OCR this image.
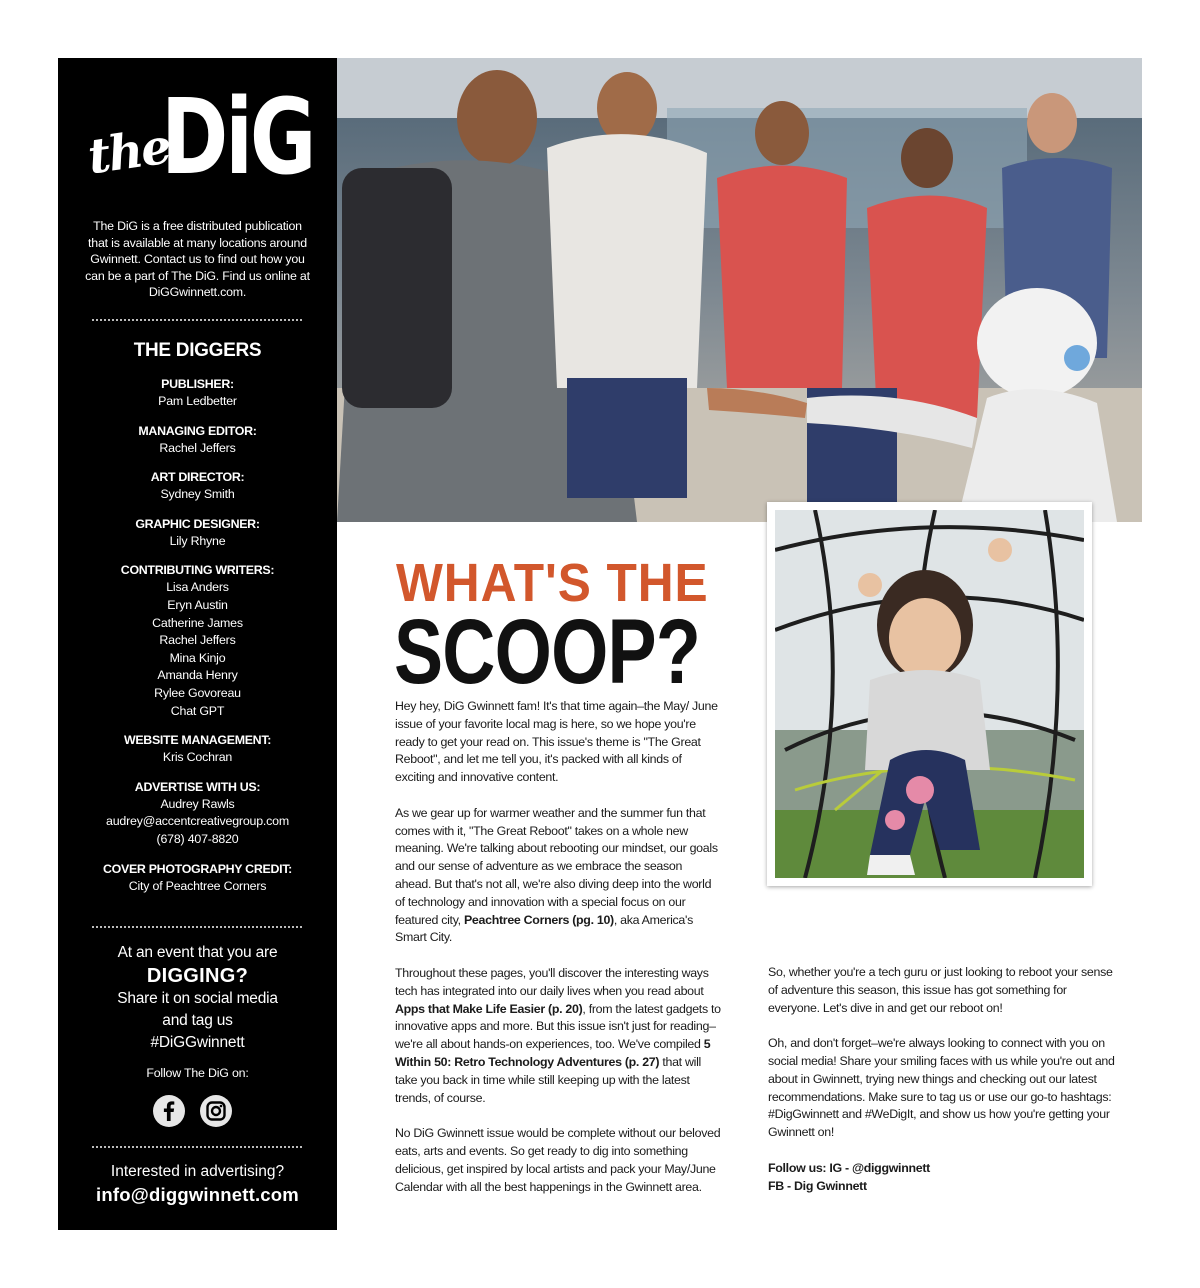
the
DiG
The DiG is a free distributed publication that is available at many locations around Gwinnett. Contact us to find out how you can be a part of The DiG. Find us online at DiGGwinnett.com.
THE DIGGERS
PUBLISHER:
Pam Ledbetter
MANAGING EDITOR:
Rachel Jeffers
ART DIRECTOR:
Sydney Smith
GRAPHIC DESIGNER:
Lily Rhyne
CONTRIBUTING WRITERS:
Lisa Anders
Eryn Austin
Catherine James
Rachel Jeffers
Mina Kinjo
Amanda Henry
Rylee Govoreau
Chat GPT
WEBSITE MANAGEMENT:
Kris Cochran
ADVERTISE WITH US:
Audrey Rawls
audrey@accentcreativegroup.com
(678) 407-8820
COVER PHOTOGRAPHY CREDIT:
City of Peachtree Corners
At an event that you are
DIGGING?
Share it on social media
and tag us
#DiGGwinnett
Follow The DiG on:
Interested in advertising?
info@diggwinnett.com
WHAT'S THE
SCOOP?

Hey hey, DiG Gwinnett fam! It's that time again–the May/ June issue of your favorite local mag is here, so we hope you're ready to get your read on. This issue's theme is "The Great Reboot", and let me tell you, it's packed with all kinds of exciting and innovative content.

As we gear up for warmer weather and the summer fun that comes with it, "The Great Reboot" takes on a whole new meaning. We're talking about rebooting our mindset, our goals and our sense of adventure as we embrace the season ahead. But that's not all, we're also diving deep into the world of technology and innovation with a special focus on our featured city, Peachtree Corners (pg. 10), aka America's Smart City.

Throughout these pages, you'll discover the interesting ways tech has integrated into our daily lives when you read about Apps that Make Life Easier (p. 20), from the latest gadgets to innovative apps and more. But this issue isn't just for reading–we're all about hands-on experiences, too. We've compiled 5 Within 50: Retro Technology Adventures (p. 27) that will take you back in time while still keeping up with the latest trends, of course.

No DiG Gwinnett issue would be complete without our beloved eats, arts and events. So get ready to dig into something delicious, get inspired by local artists and pack your May/June Calendar with all the best happenings in the Gwinnett area.

So, whether you're a tech guru or just looking to reboot your sense of adventure this season, this issue has got something for everyone. Let's dive in and get our reboot on!

Oh, and don't forget–we're always looking to connect with you on social media! Share your smiling faces with us while you're out and about in Gwinnett, trying new things and checking out our latest recommendations. Make sure to tag us or use our go-to hashtags: #DigGwinnett and #WeDigIt, and show us how you're getting your Gwinnett on!

Follow us: IG - @diggwinnett
FB - Dig Gwinnett
